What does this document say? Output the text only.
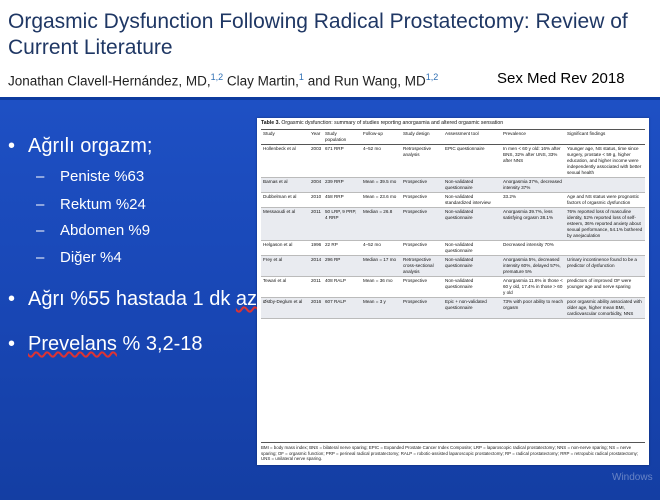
Orgasmic Dysfunction Following Radical Prostatectomy: Review of Current Literature
Jonathan Clavell-Hernández, MD,$^{1,2}$ Clay Martin,$^1$ and Run Wang, MD$^{1,2}$	Sex Med Rev 2018
• Ağrılı orgazm;
– Peniste %63
– Rektum %24
– Abdomen %9
– Diğer %4
• Ağrı %55 hastada 1 dk az
• Prevelans % 3,2-18
Table 3. Orgasmic dysfunction: summary of studies reporting anorgasmia and altered orgasmic sensation
Study	Year	Study population	Follow-up	Study design	Assessment tool	Prevalence	Significant findings
Hollenbeck et al	2003	671 RRP	4–52 mo	Retrospective analysis	EPIC questionnaire	In men < 60 y old: 16% after BNS, 32% after UNS, 33% after NNS	Younger age, NS status, time since surgery, prostate < 59 g, higher education, and higher income were independently associated with better sexual health
Barnas et al	2004	239 RRP	Mean = 39.5 mo	Prospective	Non-validated questionnaire	Anorgasmia 37%, decreased intensity 37%	
Dubbelman et al	2010	458 RRP	Mean = 23.6 mo	Prospective	Non-validated standardized interview	33.2%	Age and NS status were prognostic factors of orgasmic dysfunction
Messaoudi et al	2011	50 LRP, 9 PRP, 4 RRP	Median = 26.8	Prospective	Non-validated questionnaire	Anorgasmia 39.7%, less satisfying orgasm 38.1%	76% reported loss of masculine identity, 52% reported loss of self-esteem, 36% reported anxiety about sexual performance, 54.1% bothered by anejaculation
Helgason et al	1996	22 RP	4–52 mo	Prospective	Non-validated questionnaire	Decreased intensity 70%	
Frey et al	2014	296 RP	Median = 17 mo	Retrospective cross-sectional analysis	Non-validated questionnaire	Anorgasmia 5%, decreased intensity 60%, delayed 57%, premature 5%	Urinary incontinence found to be a predictor of dysfunction
Tewari et al	2011	408 RALP	Mean = 36 mo	Prospective	Non-validated questionnaire	Anorgasmia 11.6% in those < 60 y old, 17.4% in those > 60 y old	predictors of improved OF were younger age and nerve sparing
Østby-Deglum et al	2016	607 RALP	Mean = 3 y	Prospective	Epic + non-validated questionnaire	73% with poor ability to reach orgasm	poor orgasmic ability associated with older age, higher mean BMI, cardiovascular comorbidity, NNS
BMI = body mass index; BNS = bilateral nerve sparing; EPIC = Expanded Prostate Cancer Index Composite; LRP = laparoscopic radical prostatectomy; NNS = non-nerve sparing; NS = nerve sparing; OF = orgasmic function; PRP = perineal radical prostatectomy; RALP = robotic-assisted laparoscopic prostatectomy; RP = radical prostatectomy; RRP = retropubic radical prostatectomy; UNS = unilateral nerve sparing.
Windows
